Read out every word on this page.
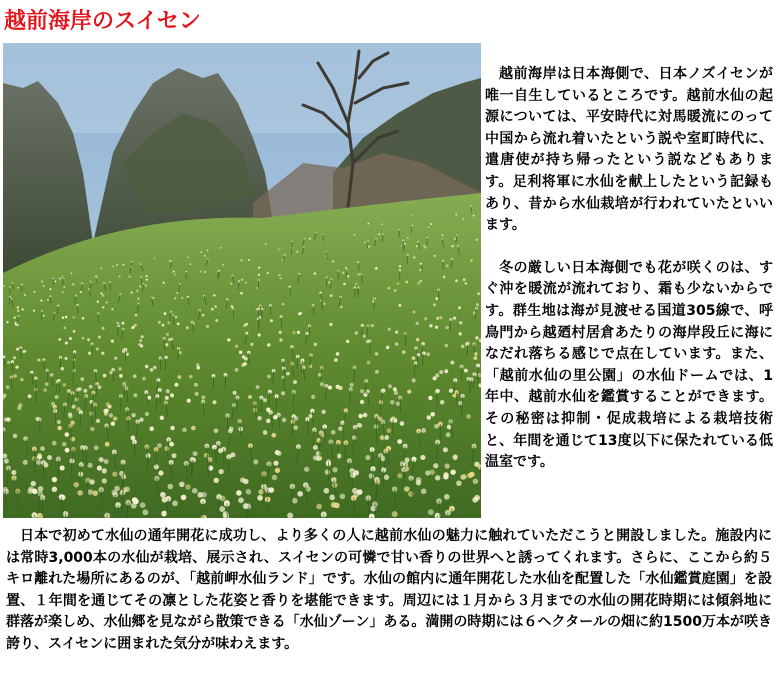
越前海岸のスイセン

越前海岸は日本海側で、日本ノズイセンが唯一自生しているところです。越前水仙の起源については、平安時代に対馬暖流にのって中国から流れ着いたという説や室町時代に、遣唐使が持ち帰ったという説などもあります。足利将軍に水仙を献上したという記録もあり、昔から水仙栽培が行われていたといいます。

冬の厳しい日本海側でも花が咲くのは、すぐ沖を暖流が流れており、霜も少ないからです。群生地は海が見渡せる国道305線で、呼鳥門から越廼村居倉あたりの海岸段丘に海になだれ落ちる感じで点在しています。また、「越前水仙の里公園」の水仙ドームでは、1年中、越前水仙を鑑賞することができます。その秘密は抑制・促成栽培による栽培技術と、年間を通じて13度以下に保たれている低温室です。

日本で初めて水仙の通年開花に成功し、より多くの人に越前水仙の魅力に触れていただこうと開設しました。施設内には常時3,000本の水仙が栽培、展示され、スイセンの可憐で甘い香りの世界へと誘ってくれます。さらに、ここから約５キロ離れた場所にあるのが、「越前岬水仙ランド」です。水仙の館内に通年開花した水仙を配置した「水仙鑑賞庭園」を設置、１年間を通じてその凛とした花姿と香りを堪能できます。周辺には１月から３月までの水仙の開花時期には傾斜地に群落が楽しめ、水仙郷を見ながら散策できる「水仙ゾーン」ある。満開の時期には６ヘクタールの畑に約1500万本が咲き誇り、スイセンに囲まれた気分が味わえます。
